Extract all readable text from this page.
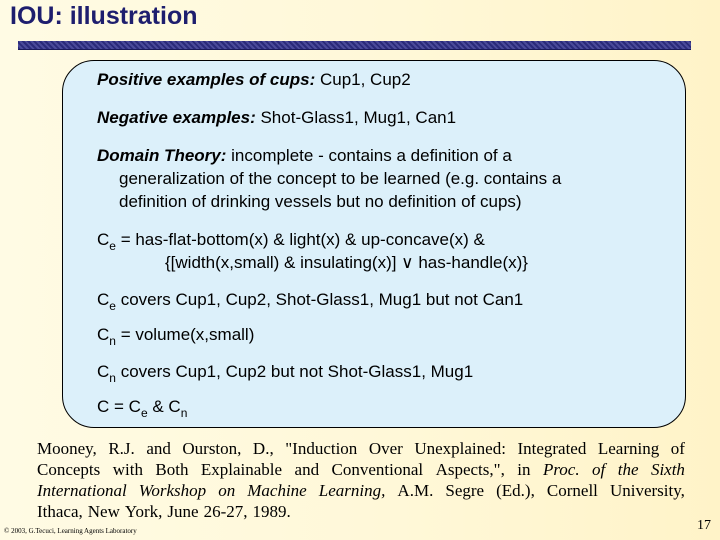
IOU: illustration
Positive examples of cups: Cup1, Cup2
Negative examples: Shot-Glass1, Mug1, Can1
Domain Theory: incomplete - contains a definition of a
generalization of the concept to be learned (e.g. contains a
definition of drinking vessels but no definition of cups)
$C_e$ = has-flat-bottom(x) & light(x) & up-concave(x) &
{[width(x,small) & insulating(x)] ∨ has-handle(x)}
$C_e$ covers Cup1, Cup2, Shot-Glass1, Mug1 but not Can1
$C_n$ = volume(x,small)
$C_n$ covers Cup1, Cup2 but not Shot-Glass1, Mug1
$C = C_e$ & $C_n$
Mooney, R.J. and Ourston, D., "Induction Over Unexplained: Integrated Learning of
Concepts with Both Explainable and Conventional Aspects,", in Proc. of the Sixth
International Workshop on Machine Learning, A.M. Segre (Ed.), Cornell University,
Ithaca, New York, June 26-27, 1989.
© 2003, G.Tecuci, Learning Agents Laboratory	17
